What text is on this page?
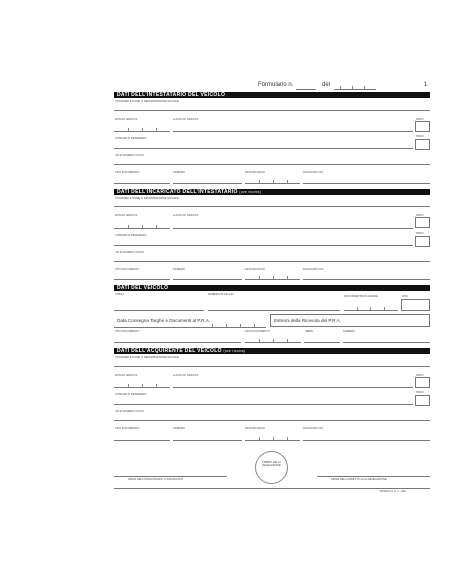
Formulario n.	del	1
DATI DELL'INTESTATARIO DEL VEICOLO
COGNOME E NOME O DENOMINAZIONE SOCIALE
DATA DI NASCITA	LUOGO DI NASCITA	PROV.
COMUNE DI RESIDENZA
PROV.
VIA E NUMERO CIVICO
TIPO DOCUMENTO	NUMERO	DATA RILASCIO	RILASCIATO DA
DATI DELL'INCARICATO DELL'INTESTATARIO (ove ricorra)
COGNOME E NOME O DENOMINAZIONE SOCIALE
DATA DI NASCITA	LUOGO DI NASCITA	PROV.
COMUNE DI RESIDENZA
PROV.
VIA E NUMERO CIVICO
TIPO DOCUMENTO	NUMERO	DATA RILASCIO	RILASCIATO DA
DATI DEL VEICOLO
TARGA	NUMERO DI TELAIO
DATA IMMATRICOLAZIONE	USO
Data Consegna Targhe e Documenti al P.R.A.	Estremi della Ricevuta del P.R.A.
TIPO DOCUMENTO	DATA DOCUMENTO	SERIE	NUMERO
DATI DELL'ACQUIRENTE DEL VEICOLO (ove ricorra)
COGNOME E NOME O DENOMINAZIONE SOCIALE
DATA DI NASCITA	LUOGO DI NASCITA	PROV.
COMUNE DI RESIDENZA
PROV.
VIA E NUMERO CIVICO
TIPO DOCUMENTO	NUMERO	DATA RILASCIO	RILASCIATO DA
TIMBRO DELLA DELEGAZIONE
FIRMA DELL'INTESTATARIO O INCARICATO	FIRMA DELL'ADDETTO ALLA DELEGAZIONE
MODELLO N. 1 - DEL
